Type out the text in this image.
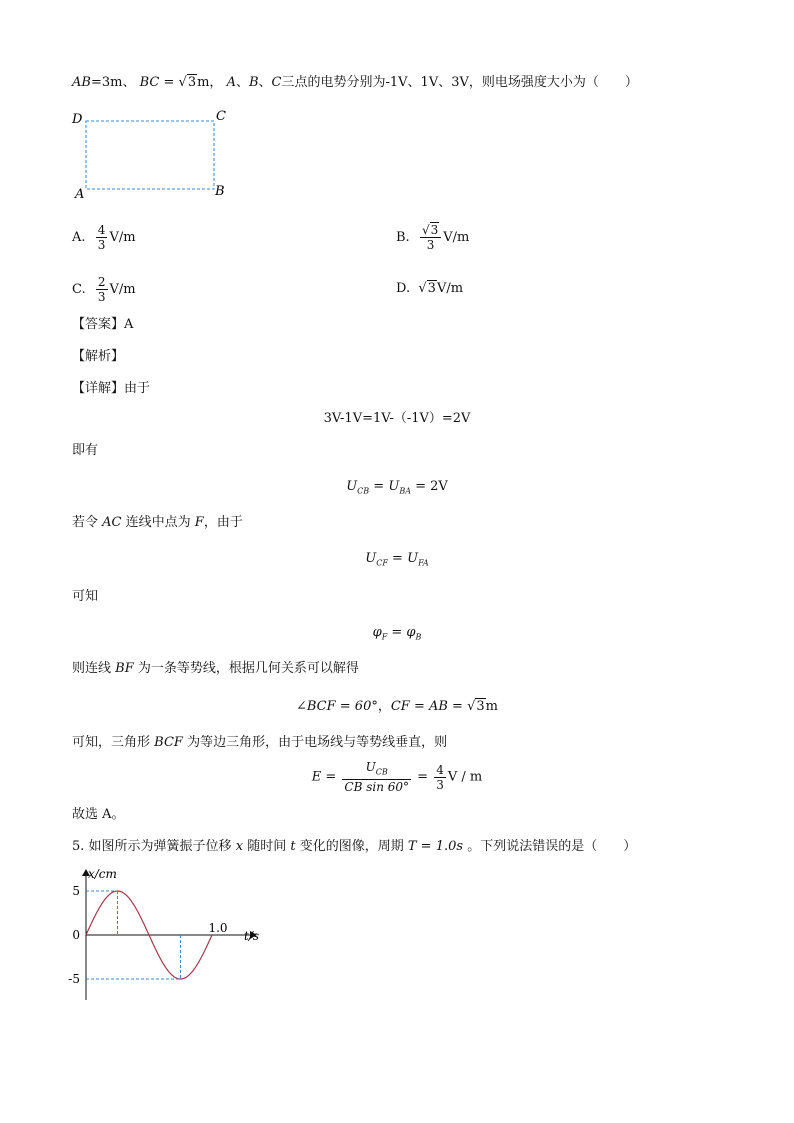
AB=3m、 BC = √3m， A、B、C三点的电势分别为-1V、1V、3V，则电场强度大小为（　　）
D	C
A	B
A. $\frac{4}{3} V/m$	B. $\frac{√3}{3} V/m$
C. $\frac{2}{3} V/m$	D. √3V/m
【答案】A
【解析】
【详解】由于
3V-1V=1V-（-1V）=2V
即有
$U_{CB} = U_{BA} = 2V$
若令 AC 连线中点为 F，由于
$U_{CF} = U_{FA}$
可知
$\varphi_F = \varphi_B$
则连线 BF 为一条等势线，根据几何关系可以解得
∠BCF = 60°，CF = AB = √3m
可知，三角形 BCF 为等边三角形，由于电场线与等势线垂直，则
$E = \frac{U_{CB}}{\text{CB sin 60°}} = \frac{4}{3}$ V / m
故选 A。
5. 如图所示为弹簧振子位移 x 随时间 t 变化的图像，周期 T = 1.0s 。下列说法错误的是（　　）
x/cm
t/s
5
0
-5
1.0
